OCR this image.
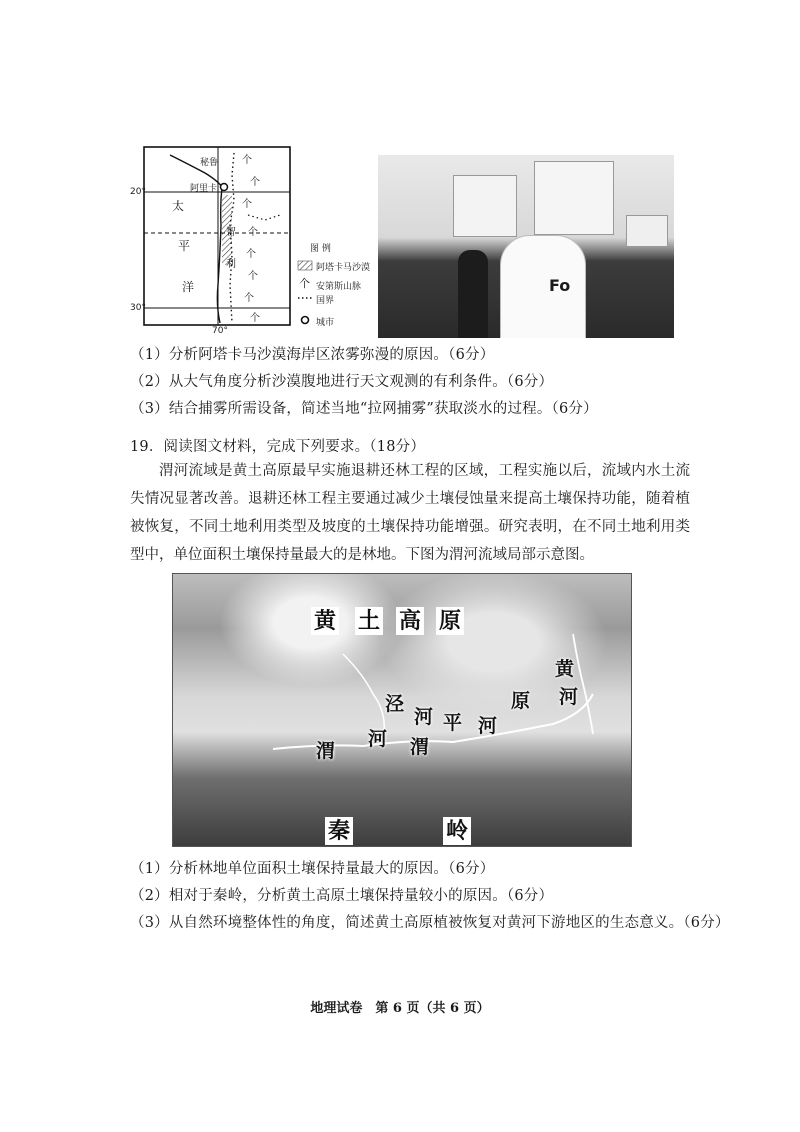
个
个
个
个
个
个
个
个
秘鲁
阿里卡
20°
30°
70°
太
平
洋
智
利
图 例
阿塔卡马沙漠
安第斯山脉
国界
城市
个	Fo
（1）分析阿塔卡马沙漠海岸区浓雾弥漫的原因。（6分）
（2）从大气角度分析沙漠腹地进行天文观测的有利条件。（6分）
（3）结合捕雾所需设备，简述当地“拉网捕雾”获取淡水的过程。（6分）
19．阅读图文材料，完成下列要求。（18分）

渭河流域是黄土高原最早实施退耕还林工程的区域，工程实施以后，流域内水土流失情况显著改善。退耕还林工程主要通过减少土壤侵蚀量来提高土壤保持功能，随着植被恢复，不同土地利用类型及坡度的土壤保持功能增强。研究表明，在不同土地利用类型中，单位面积土壤保持量最大的是林地。下图为渭河流域局部示意图。

黄 土 高 原
泾
河
渭
河 渭
平 河
原
黄
河
秦	岭
（1）分析林地单位面积土壤保持量最大的原因。（6分）
（2）相对于秦岭，分析黄土高原土壤保持量较小的原因。（6分）
（3）从自然环境整体性的角度，简述黄土高原植被恢复对黄河下游地区的生态意义。（6分）
地理试卷　第 6 页（共 6 页）
